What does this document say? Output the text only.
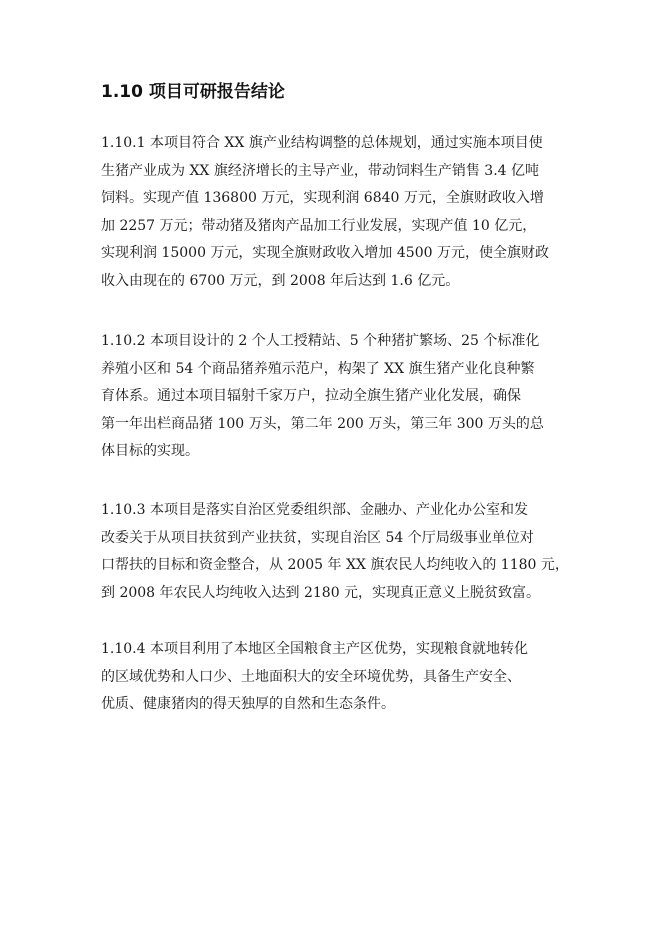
1.10 项目可研报告结论

1.10.1 本项目符合 XX 旗产业结构调整的总体规划，通过实施本项目使
生猪产业成为 XX 旗经济增长的主导产业，带动饲料生产销售 3.4 亿吨
饲料。实现产值 136800 万元，实现利润 6840 万元，全旗财政收入增
加 2257 万元；带动猪及猪肉产品加工行业发展，实现产值 10 亿元，
实现利润 15000 万元，实现全旗财政收入增加 4500 万元，使全旗财政
收入由现在的 6700 万元，到 2008 年后达到 1.6 亿元。

1.10.2 本项目设计的 2 个人工授精站、5 个种猪扩繁场、25 个标准化
养殖小区和 54 个商品猪养殖示范户，构架了 XX 旗生猪产业化良种繁
育体系。通过本项目辐射千家万户，拉动全旗生猪产业化发展，确保
第一年出栏商品猪 100 万头，第二年 200 万头，第三年 300 万头的总
体目标的实现。

1.10.3 本项目是落实自治区党委组织部、金融办、产业化办公室和发
改委关于从项目扶贫到产业扶贫，实现自治区 54 个厅局级事业单位对
口帮扶的目标和资金整合，从 2005 年 XX 旗农民人均纯收入的 1180 元，
到 2008 年农民人均纯收入达到 2180 元，实现真正意义上脱贫致富。

1.10.4 本项目利用了本地区全国粮食主产区优势，实现粮食就地转化
的区域优势和人口少、土地面积大的安全环境优势，具备生产安全、
优质、健康猪肉的得天独厚的自然和生态条件。
